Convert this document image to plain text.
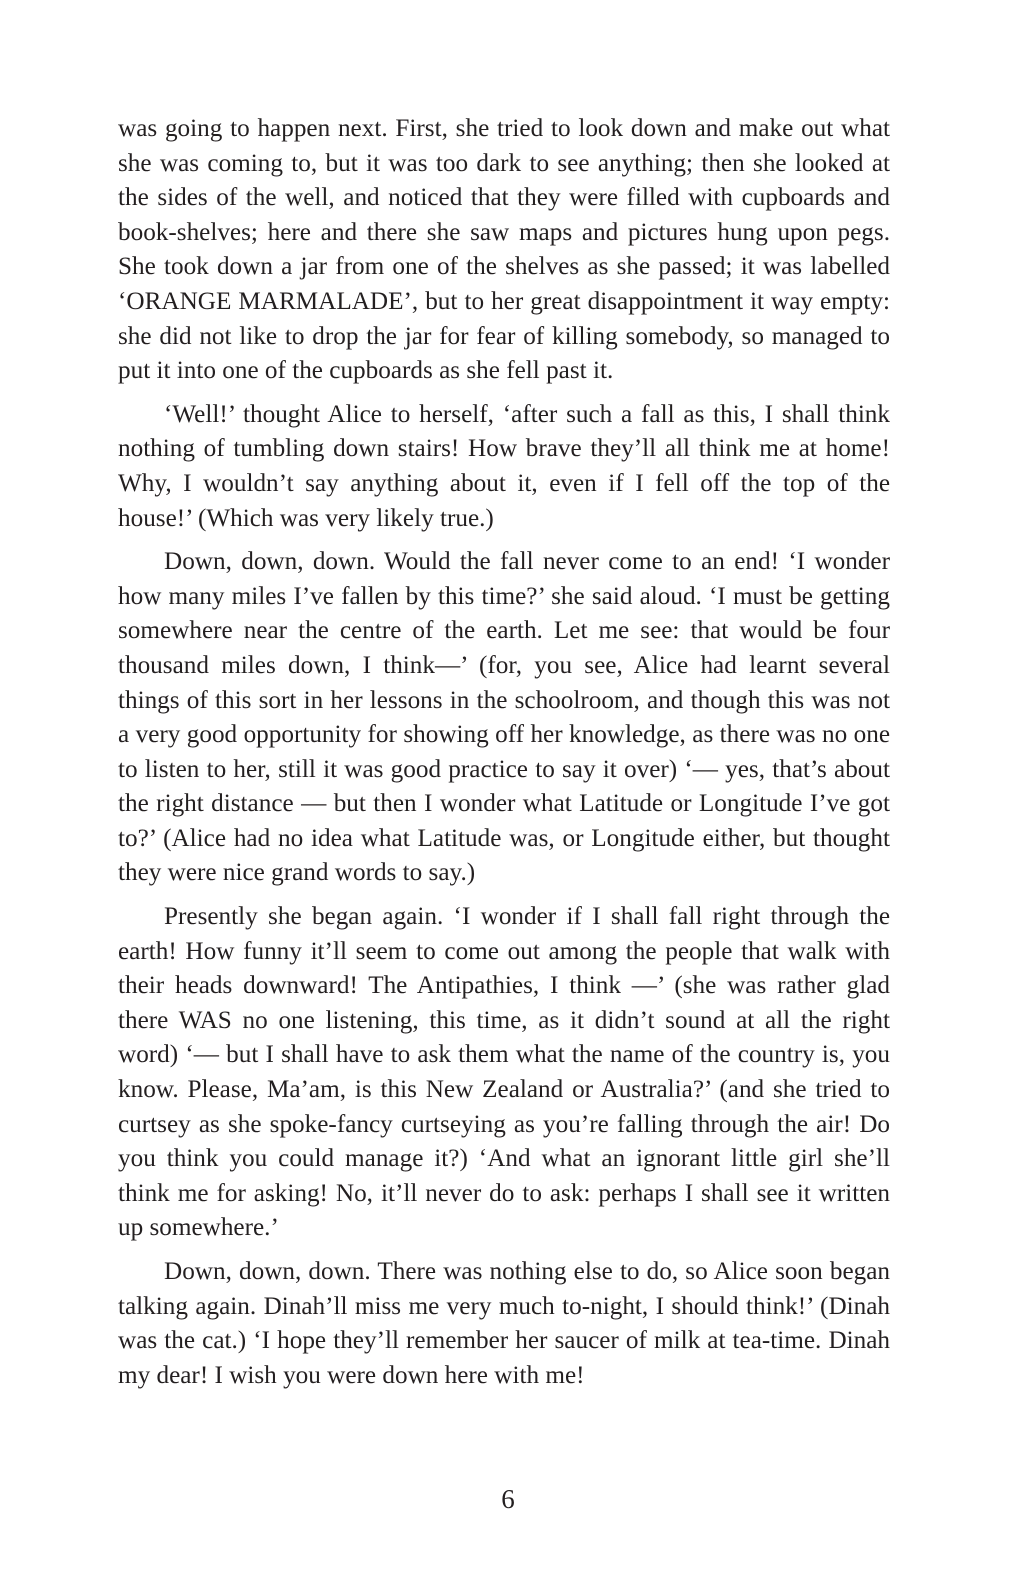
was going to happen next. First, she tried to look down and make out what she was coming to, but it was too dark to see anything; then she looked at the sides of the well, and noticed that they were filled with cupboards and book-shelves; here and there she saw maps and pictures hung upon pegs. She took down a jar from one of the shelves as she passed; it was labelled ‘ORANGE MARMALADE’, but to her great disappointment it way empty: she did not like to drop the jar for fear of killing somebody, so managed to put it into one of the cupboards as she fell past it.

‘Well!’ thought Alice to herself, ‘after such a fall as this, I shall think nothing of tumbling down stairs! How brave they’ll all think me at home! Why, I wouldn’t say anything about it, even if I fell off the top of the house!’ (Which was very likely true.)

Down, down, down. Would the fall never come to an end! ‘I wonder how many miles I’ve fallen by this time?’ she said aloud. ‘I must be getting somewhere near the centre of the earth. Let me see: that would be four thousand miles down, I think—’ (for, you see, Alice had learnt several things of this sort in her lessons in the schoolroom, and though this was not a very good opportunity for showing off her knowledge, as there was no one to listen to her, still it was good practice to say it over) ‘— yes, that’s about the right distance — but then I wonder what Latitude or Longitude I’ve got to?’ (Alice had no idea what Latitude was, or Longitude either, but thought they were nice grand words to say.)

Presently she began again. ‘I wonder if I shall fall right through the earth! How funny it’ll seem to come out among the people that walk with their heads downward! The Antipathies, I think —’ (she was rather glad there WAS no one listening, this time, as it didn’t sound at all the right word) ‘— but I shall have to ask them what the name of the country is, you know. Please, Ma’am, is this New Zealand or Australia?’ (and she tried to curtsey as she spoke-fancy curtseying as you’re falling through the air! Do you think you could manage it?) ‘And what an ignorant little girl she’ll think me for asking! No, it’ll never do to ask: perhaps I shall see it written up somewhere.’

Down, down, down. There was nothing else to do, so Alice soon began talking again. Dinah’ll miss me very much to-night, I should think!’ (Dinah was the cat.) ‘I hope they’ll remember her saucer of milk at tea-time. Dinah my dear! I wish you were down here with me!

6
